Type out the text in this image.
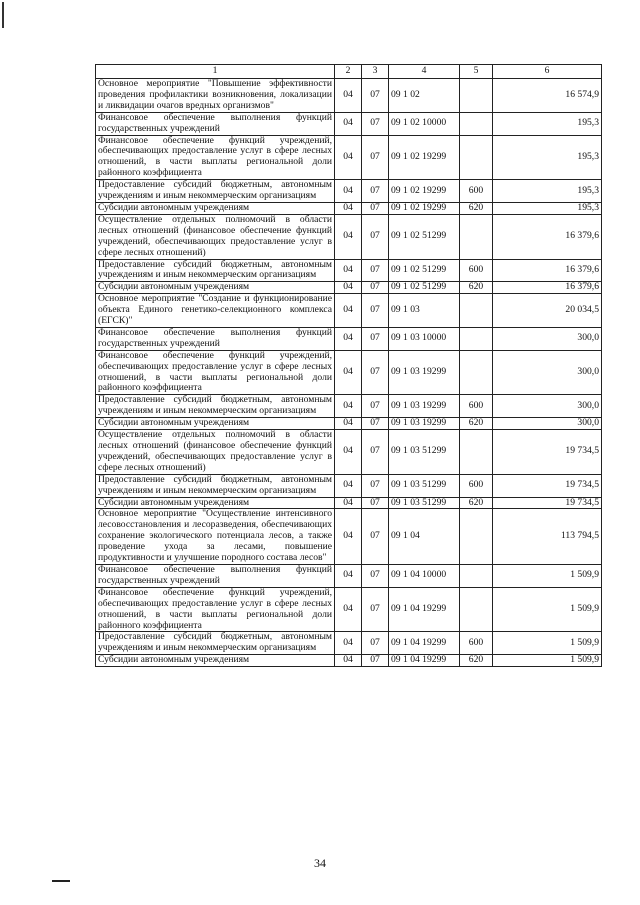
1	2	3	4	5	6
Основное мероприятие "Повышение эффективности проведения профилактики возникновения, локализации и ликвидации очагов вредных организмов"	04	07	09 1 02		16 574,9
Финансовое обеспечение выполнения функций государственных учреждений	04	07	09 1 02 10000		195,3
Финансовое обеспечение функций учреждений, обеспечивающих предоставление услуг в сфере лесных отношений, в части выплаты региональной доли районного коэффициента	04	07	09 1 02 19299		195,3
Предоставление субсидий бюджетным, автономным учреждениям и иным некоммерческим организациям	04	07	09 1 02 19299	600	195,3
Субсидии автономным учреждениям	04	07	09 1 02 19299	620	195,3
Осуществление отдельных полномочий в области лесных отношений (финансовое обеспечение функций учреждений, обеспечивающих предоставление услуг в сфере лесных отношений)	04	07	09 1 02 51299		16 379,6
Предоставление субсидий бюджетным, автономным учреждениям и иным некоммерческим организациям	04	07	09 1 02 51299	600	16 379,6
Субсидии автономным учреждениям	04	07	09 1 02 51299	620	16 379,6
Основное мероприятие "Создание и функционирование объекта Единого генетико-селекционного комплекса (ЕГСК)"	04	07	09 1 03		20 034,5
Финансовое обеспечение выполнения функций государственных учреждений	04	07	09 1 03 10000		300,0
Финансовое обеспечение функций учреждений, обеспечивающих предоставление услуг в сфере лесных отношений, в части выплаты региональной доли районного коэффициента	04	07	09 1 03 19299		300,0
Предоставление субсидий бюджетным, автономным учреждениям и иным некоммерческим организациям	04	07	09 1 03 19299	600	300,0
Субсидии автономным учреждениям	04	07	09 1 03 19299	620	300,0
Осуществление отдельных полномочий в области лесных отношений (финансовое обеспечение функций учреждений, обеспечивающих предоставление услуг в сфере лесных отношений)	04	07	09 1 03 51299		19 734,5
Предоставление субсидий бюджетным, автономным учреждениям и иным некоммерческим организациям	04	07	09 1 03 51299	600	19 734,5
Субсидии автономным учреждениям	04	07	09 1 03 51299	620	19 734,5
Основное мероприятие "Осуществление интенсивного лесовосстановления и лесоразведения, обеспечивающих сохранение экологического потенциала лесов, а также проведение ухода за лесами, повышение продуктивности и улучшение породного состава лесов"	04	07	09 1 04		113 794,5
Финансовое обеспечение выполнения функций государственных учреждений	04	07	09 1 04 10000		1 509,9
Финансовое обеспечение функций учреждений, обеспечивающих предоставление услуг в сфере лесных отношений, в части выплаты региональной доли районного коэффициента	04	07	09 1 04 19299		1 509,9
Предоставление субсидий бюджетным, автономным учреждениям и иным некоммерческим организациям	04	07	09 1 04 19299	600	1 509,9
Субсидии автономным учреждениям	04	07	09 1 04 19299	620	1 509,9
34
